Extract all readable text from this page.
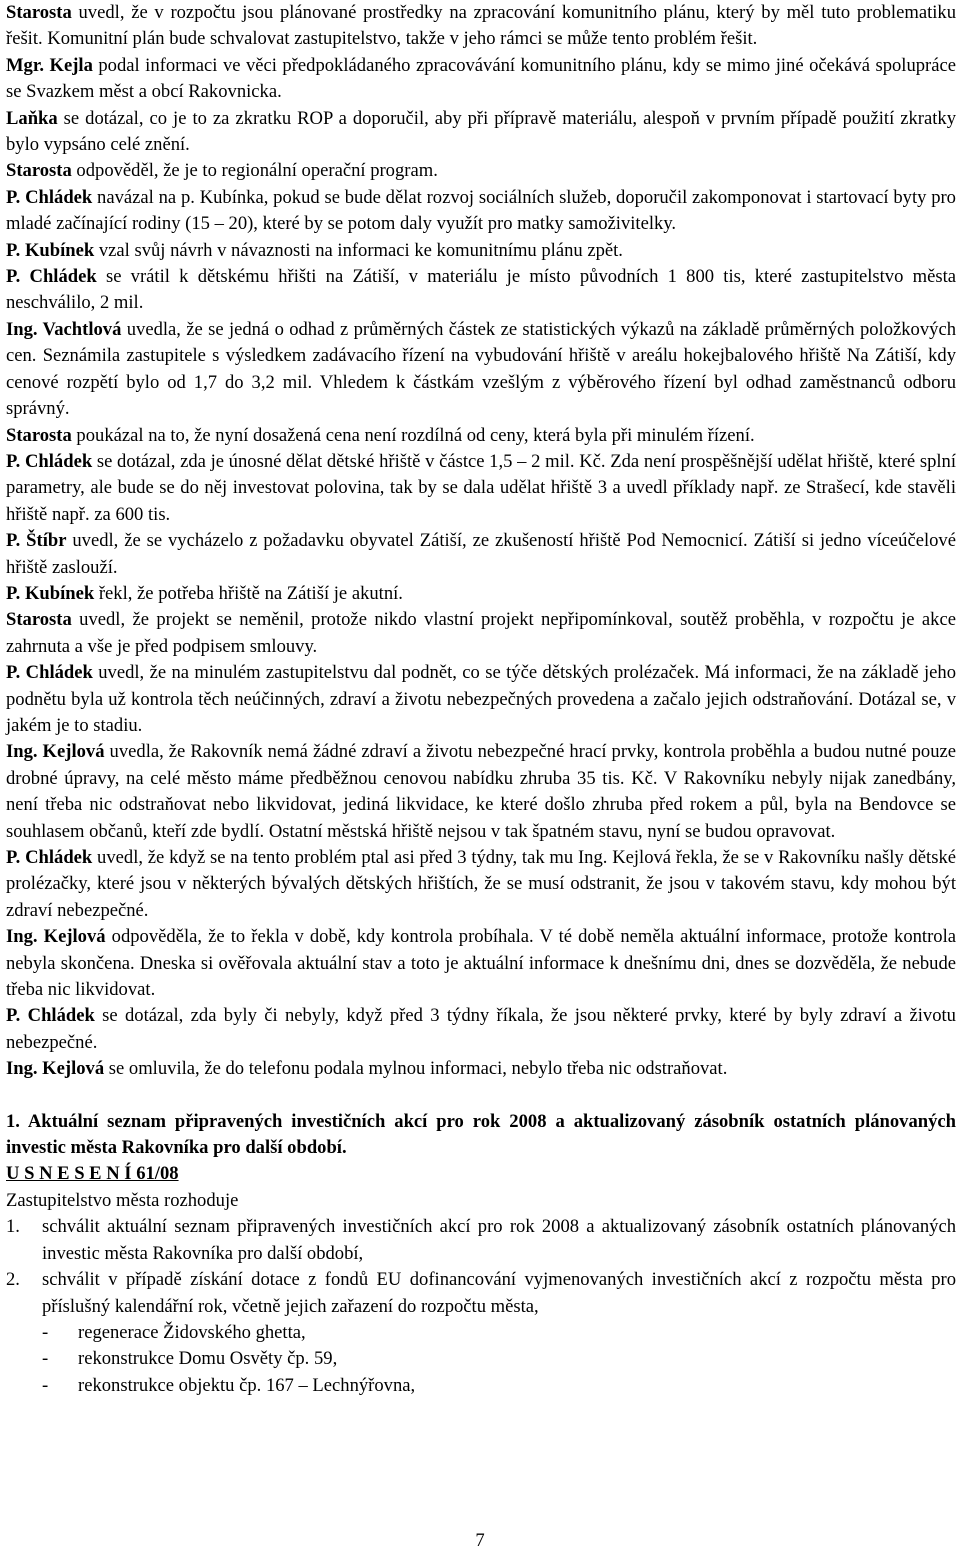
Starosta uvedl, že v rozpočtu jsou plánované prostředky na zpracování komunitního plánu, který by měl tuto problematiku řešit. Komunitní plán bude schvalovat zastupitelstvo, takže v jeho rámci se může tento problém řešit.

Mgr. Kejla podal informaci ve věci předpokládaného zpracovávání komunitního plánu, kdy se mimo jiné očekává spolupráce se Svazkem měst a obcí Rakovnicka.

Laňka se dotázal, co je to za zkratku ROP a doporučil, aby při přípravě materiálu, alespoň v prvním případě použití zkratky bylo vypsáno celé znění.

Starosta odpověděl, že je to regionální operační program.

P. Chládek navázal na p. Kubínka, pokud se bude dělat rozvoj sociálních služeb, doporučil zakomponovat i startovací byty pro mladé začínající rodiny (15 – 20), které by se potom daly využít pro matky samoživitelky.

P. Kubínek vzal svůj návrh v návaznosti na informaci ke komunitnímu plánu zpět.

P. Chládek se vrátil k dětskému hřišti na Zátiší, v materiálu je místo původních 1 800 tis, které zastupitelstvo města neschválilo, 2 mil.

Ing. Vachtlová uvedla, že se jedná o odhad z průměrných částek ze statistických výkazů na základě průměrných položkových cen. Seznámila zastupitele s výsledkem zadávacího řízení na vybudování hřiště v areálu hokejbalového hřiště Na Zátiší, kdy cenové rozpětí bylo od 1,7 do 3,2 mil. Vhledem k částkám vzešlým z výběrového řízení byl odhad zaměstnanců odboru správný.

Starosta poukázal na to, že nyní dosažená cena není rozdílná od ceny, která byla při minulém řízení.

P. Chládek se dotázal, zda je únosné dělat dětské hřiště v částce 1,5 – 2 mil. Kč. Zda není prospěšnější udělat hřiště, které splní parametry, ale bude se do něj investovat polovina, tak by se dala udělat hřiště 3 a uvedl příklady např. ze Strašecí, kde stavěli hřiště např. za 600 tis.

P. Štíbr uvedl, že se vycházelo z požadavku obyvatel Zátiší, ze zkušeností hřiště Pod Nemocnicí. Zátiší si jedno víceúčelové hřiště zaslouží.

P. Kubínek řekl, že potřeba hřiště na Zátiší je akutní.

Starosta uvedl, že projekt se neměnil, protože nikdo vlastní projekt nepřipomínkoval, soutěž proběhla, v rozpočtu je akce zahrnuta a vše je před podpisem smlouvy.

P. Chládek uvedl, že na minulém zastupitelstvu dal podnět, co se týče dětských prolézaček. Má informaci, že na základě jeho podnětu byla už kontrola těch neúčinných, zdraví a životu nebezpečných provedena a začalo jejich odstraňování. Dotázal se, v jakém je to stadiu.

Ing. Kejlová uvedla, že Rakovník nemá žádné zdraví a životu nebezpečné hrací prvky, kontrola proběhla a budou nutné pouze drobné úpravy, na celé město máme předběžnou cenovou nabídku zhruba 35 tis. Kč. V Rakovníku nebyly nijak zanedbány, není třeba nic odstraňovat nebo likvidovat, jediná likvidace, ke které došlo zhruba před rokem a půl, byla na Bendovce se souhlasem občanů, kteří zde bydlí. Ostatní městská hřiště nejsou v tak špatném stavu, nyní se budou opravovat.

P. Chládek uvedl, že když se na tento problém ptal asi před 3 týdny, tak mu Ing. Kejlová řekla, že se v Rakovníku našly dětské prolézačky, které jsou v některých bývalých dětských hřištích, že se musí odstranit, že jsou v takovém stavu, kdy mohou být zdraví nebezpečné.

Ing. Kejlová odpověděla, že to řekla v době, kdy kontrola probíhala. V té době neměla aktuální informace, protože kontrola nebyla skončena. Dneska si ověřovala aktuální stav a toto je aktuální informace k dnešnímu dni, dnes se dozvěděla, že nebude třeba nic likvidovat.

P. Chládek se dotázal, zda byly či nebyly, když před 3 týdny říkala, že jsou některé prvky, které by byly zdraví a životu nebezpečné.

Ing. Kejlová se omluvila, že do telefonu podala mylnou informaci, nebylo třeba nic odstraňovat.

1. Aktuální seznam připravených investičních akcí pro rok 2008 a aktualizovaný zásobník ostatních plánovaných investic města Rakovníka pro další období.

U S N E S E N Í 61/08

Zastupitelstvo města rozhoduje

1. schválit aktuální seznam připravených investičních akcí pro rok 2008 a aktualizovaný zásobník ostatních plánovaných investic města Rakovníka pro další období,

2. schválit v případě získání dotace z fondů EU dofinancování vyjmenovaných investičních akcí z rozpočtu města pro příslušný kalendářní rok, včetně jejich zařazení do rozpočtu města,

- regenerace Židovského ghetta,

- rekonstrukce Domu Osvěty čp. 59,

- rekonstrukce objektu čp. 167 – Lechnýřovna,

7
